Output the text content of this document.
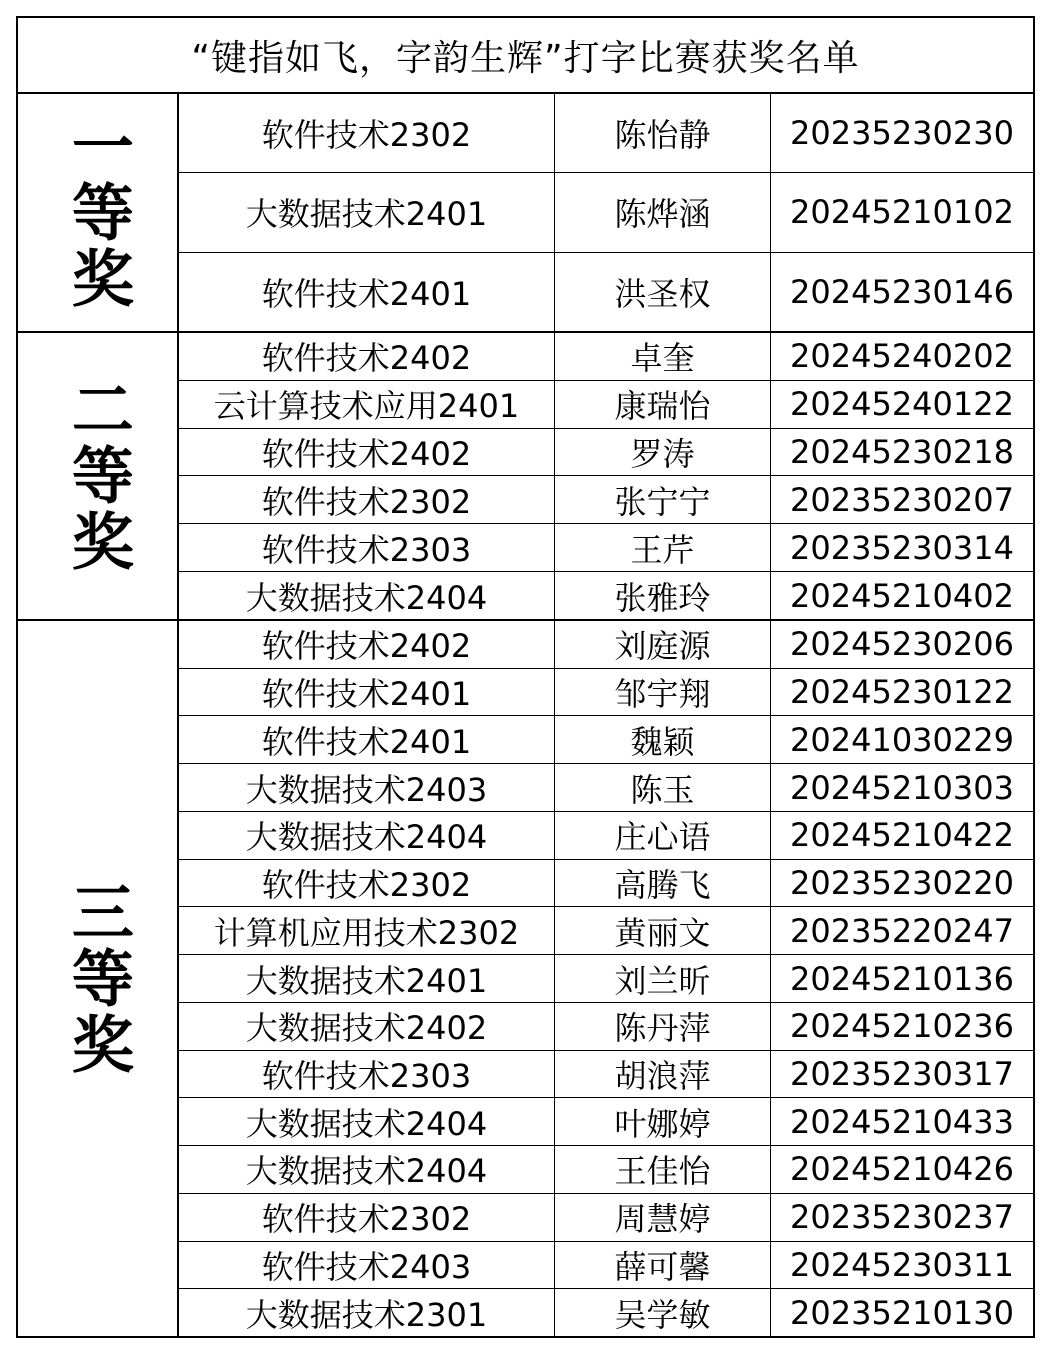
“键指如飞，字韵生辉”打字比赛获奖名单
一等奖	软件技术2302	陈怡静	20235230230
大数据技术2401	陈烨涵	20245210102
软件技术2401	洪圣权	20245230146
二等奖
软件技术2402	卓奎	20245240202
云计算技术应用2401	康瑞怡	20245240122
软件技术2402	罗涛	20245230218
软件技术2302	张宁宁	20235230207
软件技术2303	王芹	20235230314
大数据技术2404	张雅玲	20245210402
三等奖
软件技术2402	刘庭源	20245230206
软件技术2401	邹宇翔	20245230122
软件技术2401	魏颖	20241030229
大数据技术2403	陈玉	20245210303
大数据技术2404	庄心语	20245210422
软件技术2302	高腾飞	20235230220
计算机应用技术2302	黄丽文	20235220247
大数据技术2401	刘兰昕	20245210136
大数据技术2402	陈丹萍	20245210236
软件技术2303	胡浪萍	20235230317
大数据技术2404	叶娜婷	20245210433
大数据技术2404	王佳怡	20245210426
软件技术2302	周慧婷	20235230237
软件技术2403	薛可馨	20245230311
大数据技术2301	吴学敏	20235210130
